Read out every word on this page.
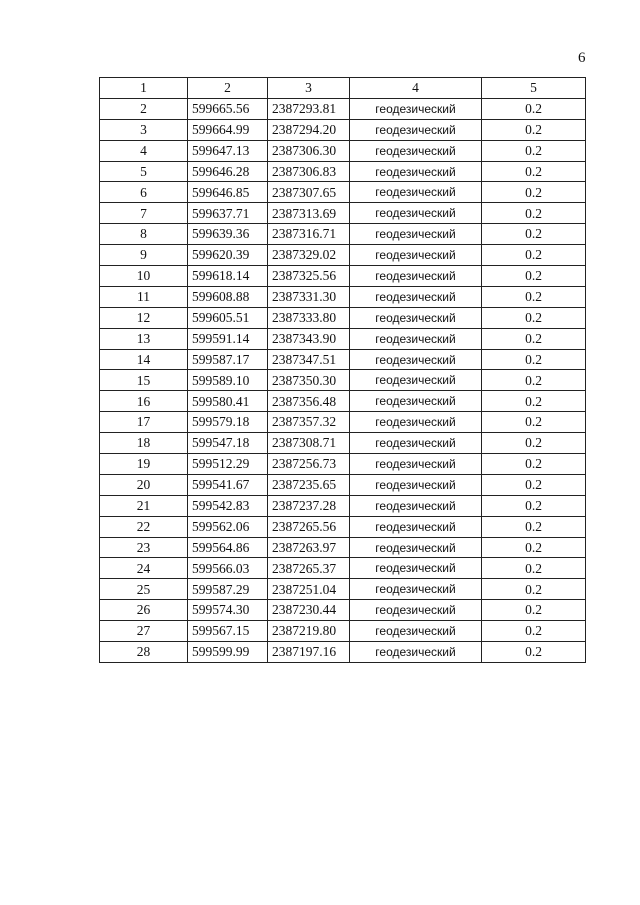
6
1	2	3	4	5
2	599665.56	2387293.81	геодезический	0.2
3	599664.99	2387294.20	геодезический	0.2
4	599647.13	2387306.30	геодезический	0.2
5	599646.28	2387306.83	геодезический	0.2
6	599646.85	2387307.65	геодезический	0.2
7	599637.71	2387313.69	геодезический	0.2
8	599639.36	2387316.71	геодезический	0.2
9	599620.39	2387329.02	геодезический	0.2
10	599618.14	2387325.56	геодезический	0.2
11	599608.88	2387331.30	геодезический	0.2
12	599605.51	2387333.80	геодезический	0.2
13	599591.14	2387343.90	геодезический	0.2
14	599587.17	2387347.51	геодезический	0.2
15	599589.10	2387350.30	геодезический	0.2
16	599580.41	2387356.48	геодезический	0.2
17	599579.18	2387357.32	геодезический	0.2
18	599547.18	2387308.71	геодезический	0.2
19	599512.29	2387256.73	геодезический	0.2
20	599541.67	2387235.65	геодезический	0.2
21	599542.83	2387237.28	геодезический	0.2
22	599562.06	2387265.56	геодезический	0.2
23	599564.86	2387263.97	геодезический	0.2
24	599566.03	2387265.37	геодезический	0.2
25	599587.29	2387251.04	геодезический	0.2
26	599574.30	2387230.44	геодезический	0.2
27	599567.15	2387219.80	геодезический	0.2
28	599599.99	2387197.16	геодезический	0.2
